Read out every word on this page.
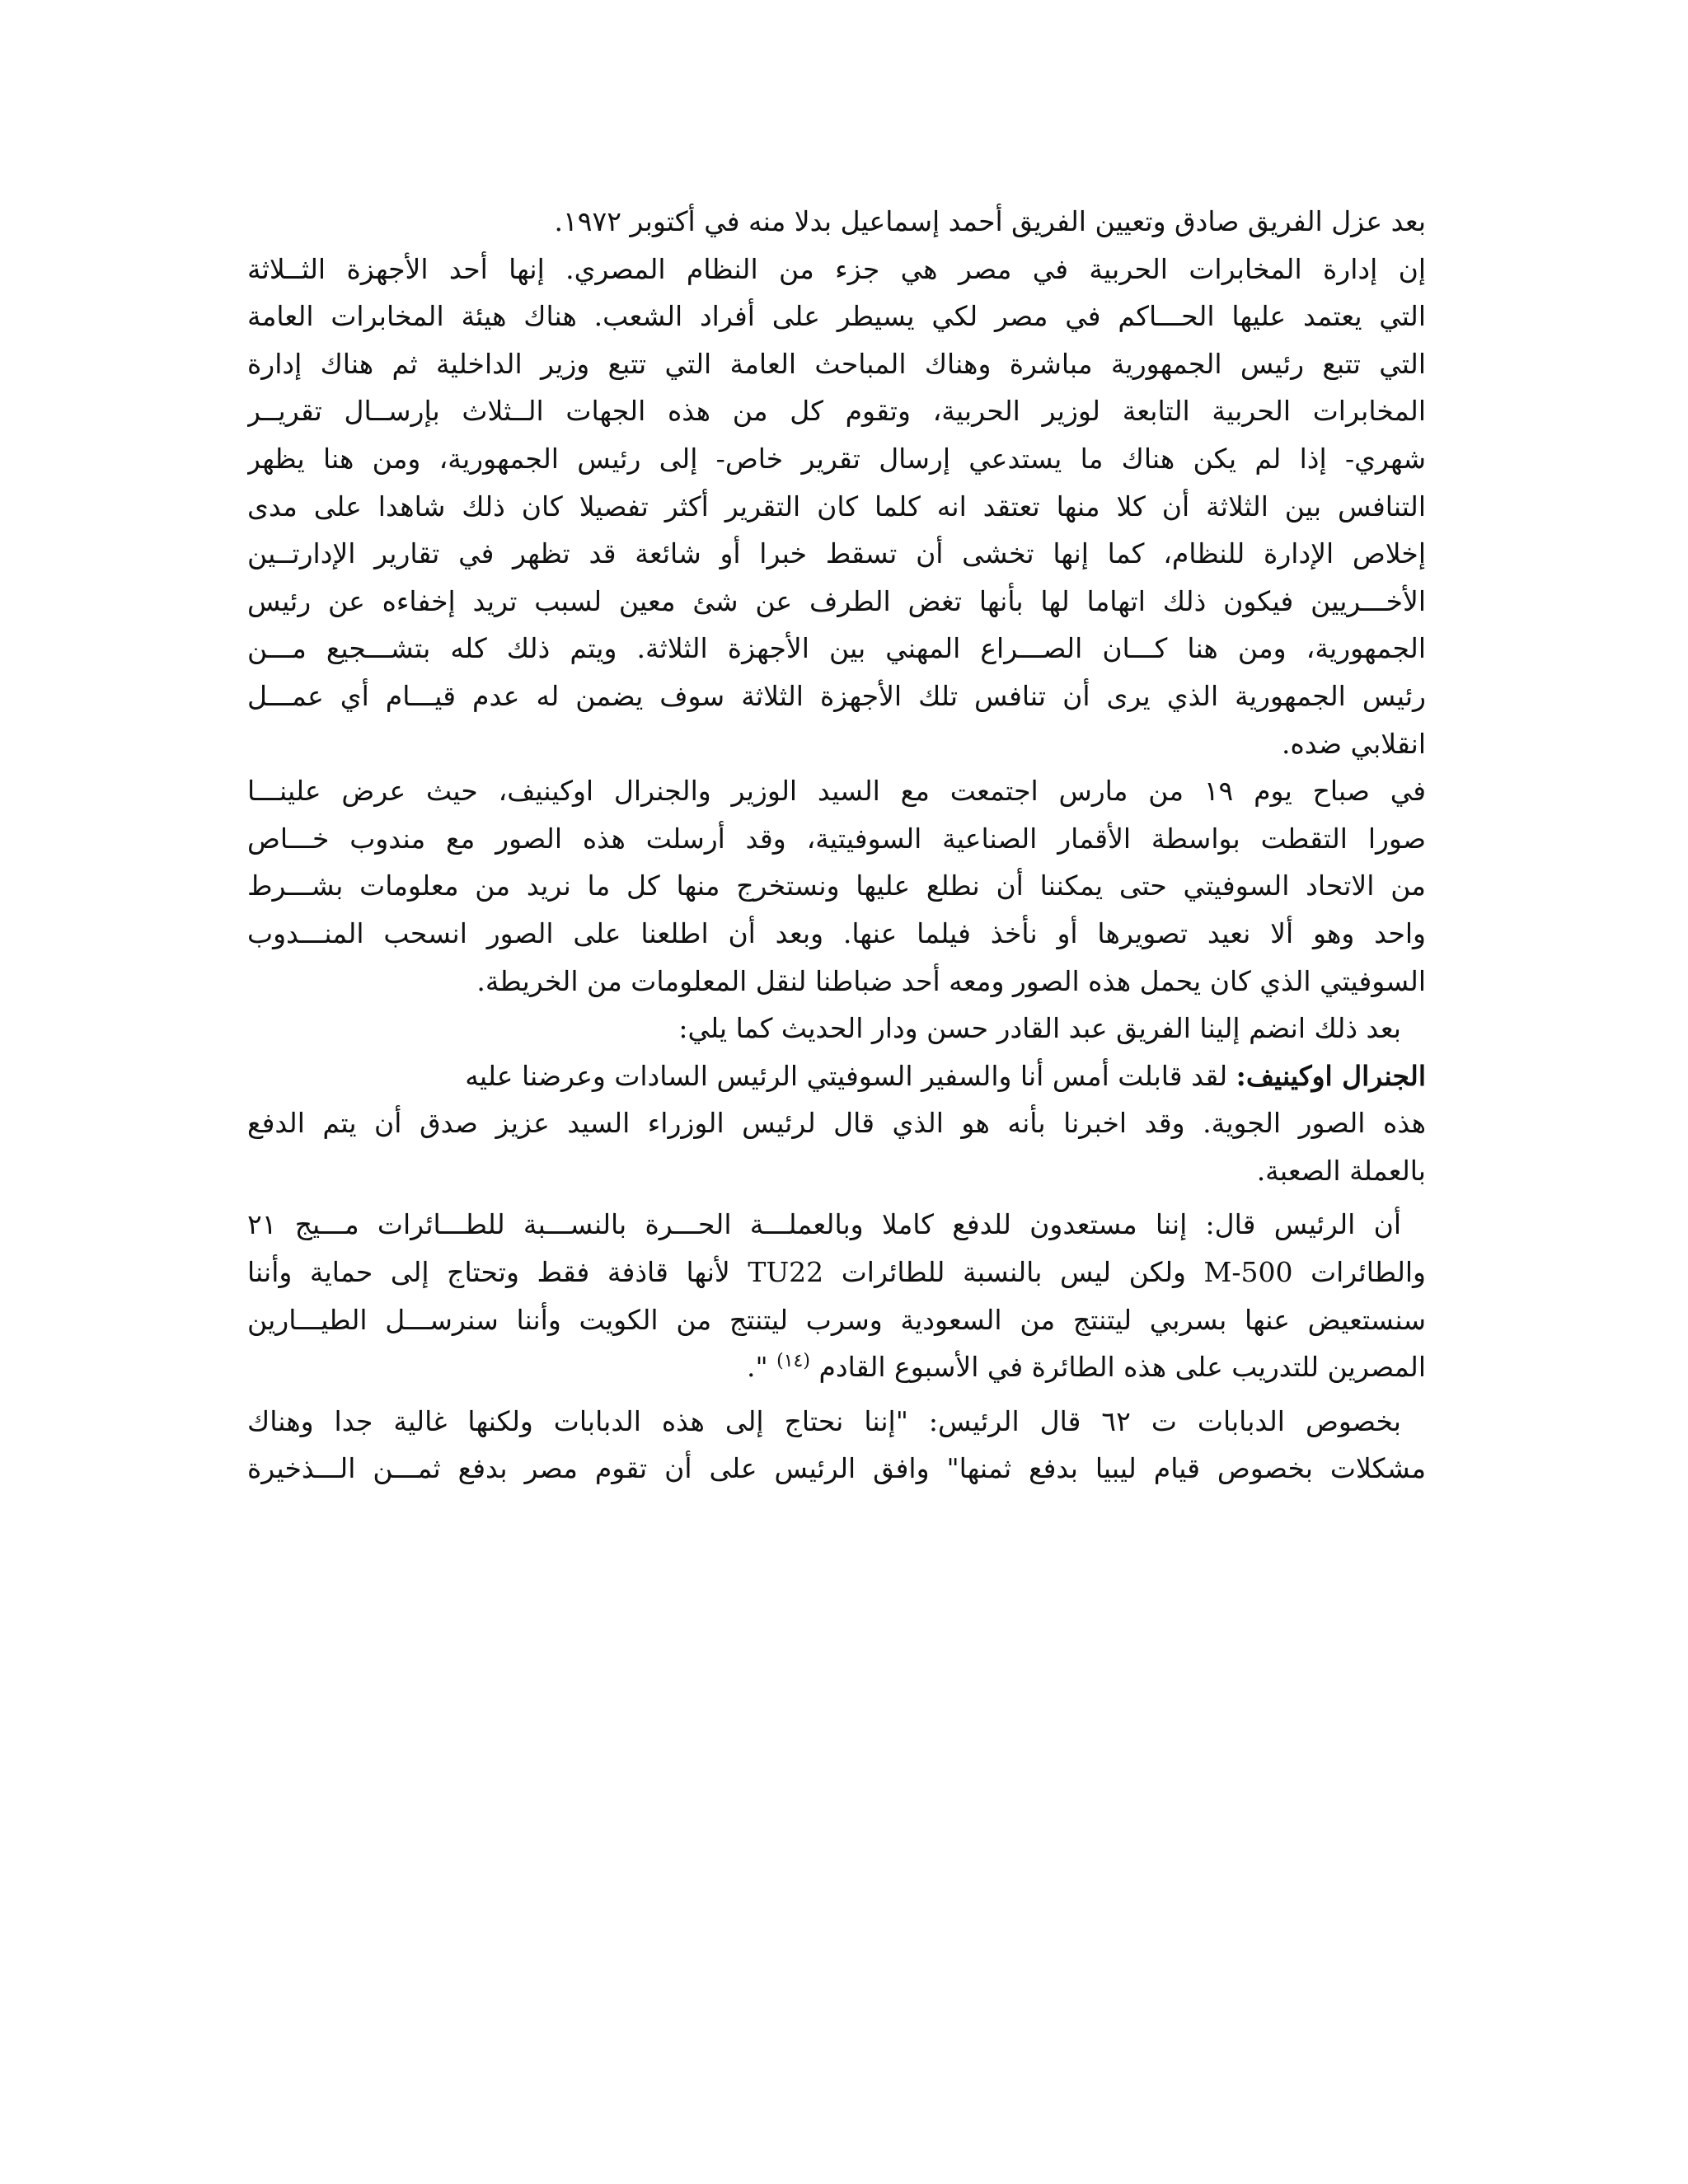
بعد عزل الفريق صادق وتعيين الفريق أحمد إسماعيل بدلا منه في أكتوبر ١٩٧٢.
إن إدارة المخابرات الحربية في مصر هي جزء من النظام المصري. إنها أحد الأجهزة الثــلاثة
التي يعتمد عليها الحـــاكم في مصر لكي يسيطر على أفراد الشعب. هناك هيئة المخابرات العامة
التي تتبع رئيس الجمهورية مباشرة وهناك المباحث العامة التي تتبع وزير الداخلية ثم هناك إدارة
المخابرات الحربية التابعة لوزير الحربية، وتقوم كل من هذه الجهات الــثلاث بإرســال تقريــر
شهري- إذا لم يكن هناك ما يستدعي إرسال تقرير خاص- إلى رئيس الجمهورية، ومن هنا يظهر
التنافس بين الثلاثة أن كلا منها تعتقد انه كلما كان التقرير أكثر تفصيلا كان ذلك شاهدا على مدى
إخلاص الإدارة للنظام، كما إنها تخشى أن تسقط خبرا أو شائعة قد تظهر في تقارير الإدارتــين
الأخـــريين فيكون ذلك اتهاما لها بأنها تغض الطرف عن شئ معين لسبب تريد إخفاءه عن رئيس
الجمهورية، ومن هنا كـــان الصـــراع المهني بين الأجهزة الثلاثة. ويتم ذلك كله بتشـــجيع مـــن
رئيس الجمهورية الذي يرى أن تنافس تلك الأجهزة الثلاثة سوف يضمن له عدم قيـــام أي عمـــل
انقلابي ضده.
في صباح يوم ١٩ من مارس اجتمعت مع السيد الوزير والجنرال اوكينيف، حيث عرض علينـــا
صورا التقطت بواسطة الأقمار الصناعية السوفيتية، وقد أرسلت هذه الصور مع مندوب خـــاص
من الاتحاد السوفيتي حتى يمكننا أن نطلع عليها ونستخرج منها كل ما نريد من معلومات بشـــرط
واحد وهو ألا نعيد تصويرها أو نأخذ فيلما عنها. وبعد أن اطلعنا على الصور انسحب المنـــدوب
السوفيتي الذي كان يحمل هذه الصور ومعه أحد ضباطنا لنقل المعلومات من الخريطة.
بعد ذلك انضم إلينا الفريق عبد القادر حسن ودار الحديث كما يلي:
الجنرال اوكينيف: لقد قابلت أمس أنا والسفير السوفيتي الرئيس السادات وعرضنا عليه
هذه الصور الجوية. وقد اخبرنا بأنه هو الذي قال لرئيس الوزراء السيد عزيز صدق أن يتم الدفع
بالعملة الصعبة.
أن الرئيس قال: إننا مستعدون للدفع كاملا وبالعملـــة الحـــرة بالنســـبة للطـــائرات مـــيج ٢١
والطائرات M-500 ولكن ليس بالنسبة للطائرات TU22 لأنها قاذفة فقط وتحتاج إلى حماية وأننا
سنستعيض عنها بسربي ليتنتج من السعودية وسرب ليتنتج من الكويت وأننا سنرســـل الطيـــارين
المصرين للتدريب على هذه الطائرة في الأسبوع القادم $^{(١٤)}$ ".
بخصوص الدبابات ت ٦٢ قال الرئيس: "إننا نحتاج إلى هذه الدبابات ولكنها غالية جدا وهناك
مشكلات بخصوص قيام ليبيا بدفع ثمنها" وافق الرئيس على أن تقوم مصر بدفع ثمـــن الـــذخيرة
